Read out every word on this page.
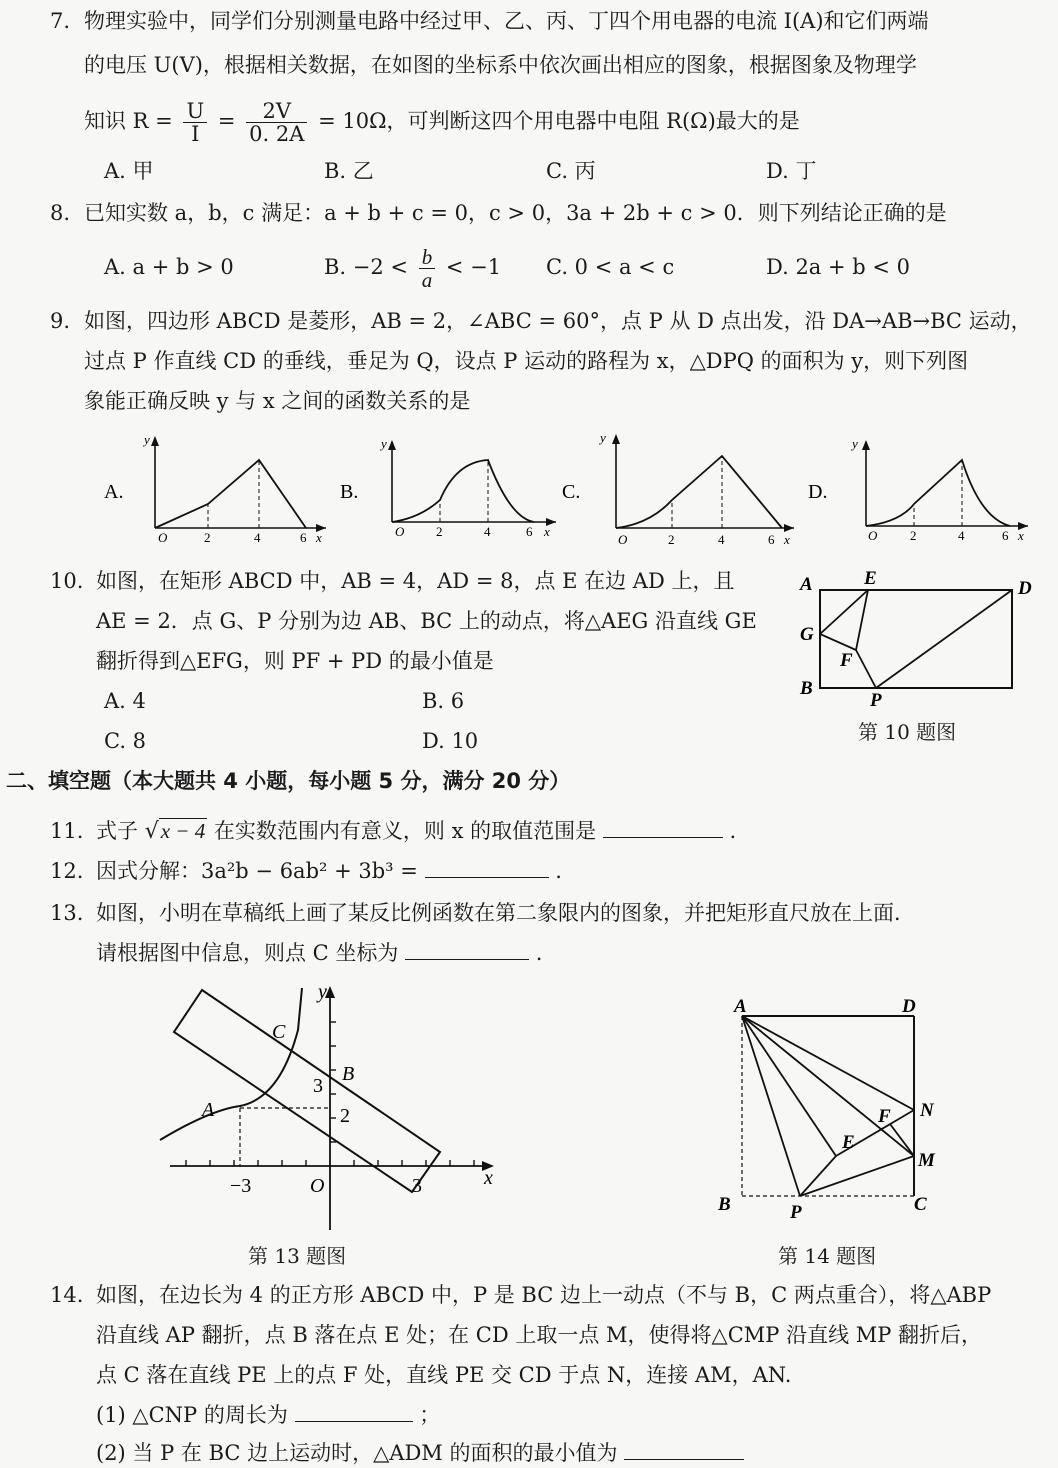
7. 物理实验中，同学们分别测量电路中经过甲、乙、丙、丁四个用电器的电流 I(A)和它们两端
的电压 U(V)，根据相关数据，在如图的坐标系中依次画出相应的图象，根据图象及物理学
知识 $R = \frac{U}{I} = \frac{2V}{0. 2A} = 10\Omega$，可判断这四个用电器中电阻 R(Ω)最大的是
A. 甲	B. 乙	C. 丙	D. 丁
8. 已知实数 a，b，c 满足：a + b + c = 0，c > 0，3a + 2b + c > 0．则下列结论正确的是
A. a + b > 0	B. $-2 < \frac{b}{a} < -1$ C. 0 < a < c	D. 2a + b < 0
9. 如图，四边形 ABCD 是菱形，AB = 2，∠ABC = 60°，点 P 从 D 点出发，沿 DA→AB→BC 运动，
过点 P 作直线 CD 的垂线，垂足为 Q，设点 P 运动的路程为 x，△DPQ 的面积为 y，则下列图
象能正确反映 y 与 x 之间的函数关系的是
A.
y
x
O	2	4	6
B.
y
x
O 2	4	6
C.
y
x
O	2	4	6
D.
y
x
O	2	4	6
10. 如图，在矩形 ABCD 中，AB = 4，AD = 8，点 E 在边 AD 上，且
AE = 2．点 G、P 分别为边 AB、BC 上的动点，将△AEG 沿直线 GE
翻折得到△EFG，则 PF + PD 的最小值是
A. 4	B. 6
C. 8	D. 10
A	E	D
G
F
B
P
第 10 题图
二、填空题（本大题共 4 小题，每小题 5 分，满分 20 分）
11. 式子 √x − 4 在实数范围内有意义，则 x 的取值范围是	.
12. 因式分解：3a²b − 6ab² + 3b³ =	.
13. 如图，小明在草稿纸上画了某反比例函数在第二象限内的图象，并把矩形直尺放在上面．
请根据图中信息，则点 C 坐标为	.
y
x
C
B
A
O
3
2
−3	3
第 13 题图
A	D
N
F
E
M
B	P	C
第 14 题图
14. 如图，在边长为 4 的正方形 ABCD 中，P 是 BC 边上一动点（不与 B，C 两点重合），将△ABP
沿直线 AP 翻折，点 B 落在点 E 处；在 CD 上取一点 M，使得将△CMP 沿直线 MP 翻折后，
点 C 落在直线 PE 上的点 F 处，直线 PE 交 CD 于点 N，连接 AM，AN.
(1) △CNP 的周长为	；
(2) 当 P 在 BC 边上运动时，△ADM 的面积的最小值为
